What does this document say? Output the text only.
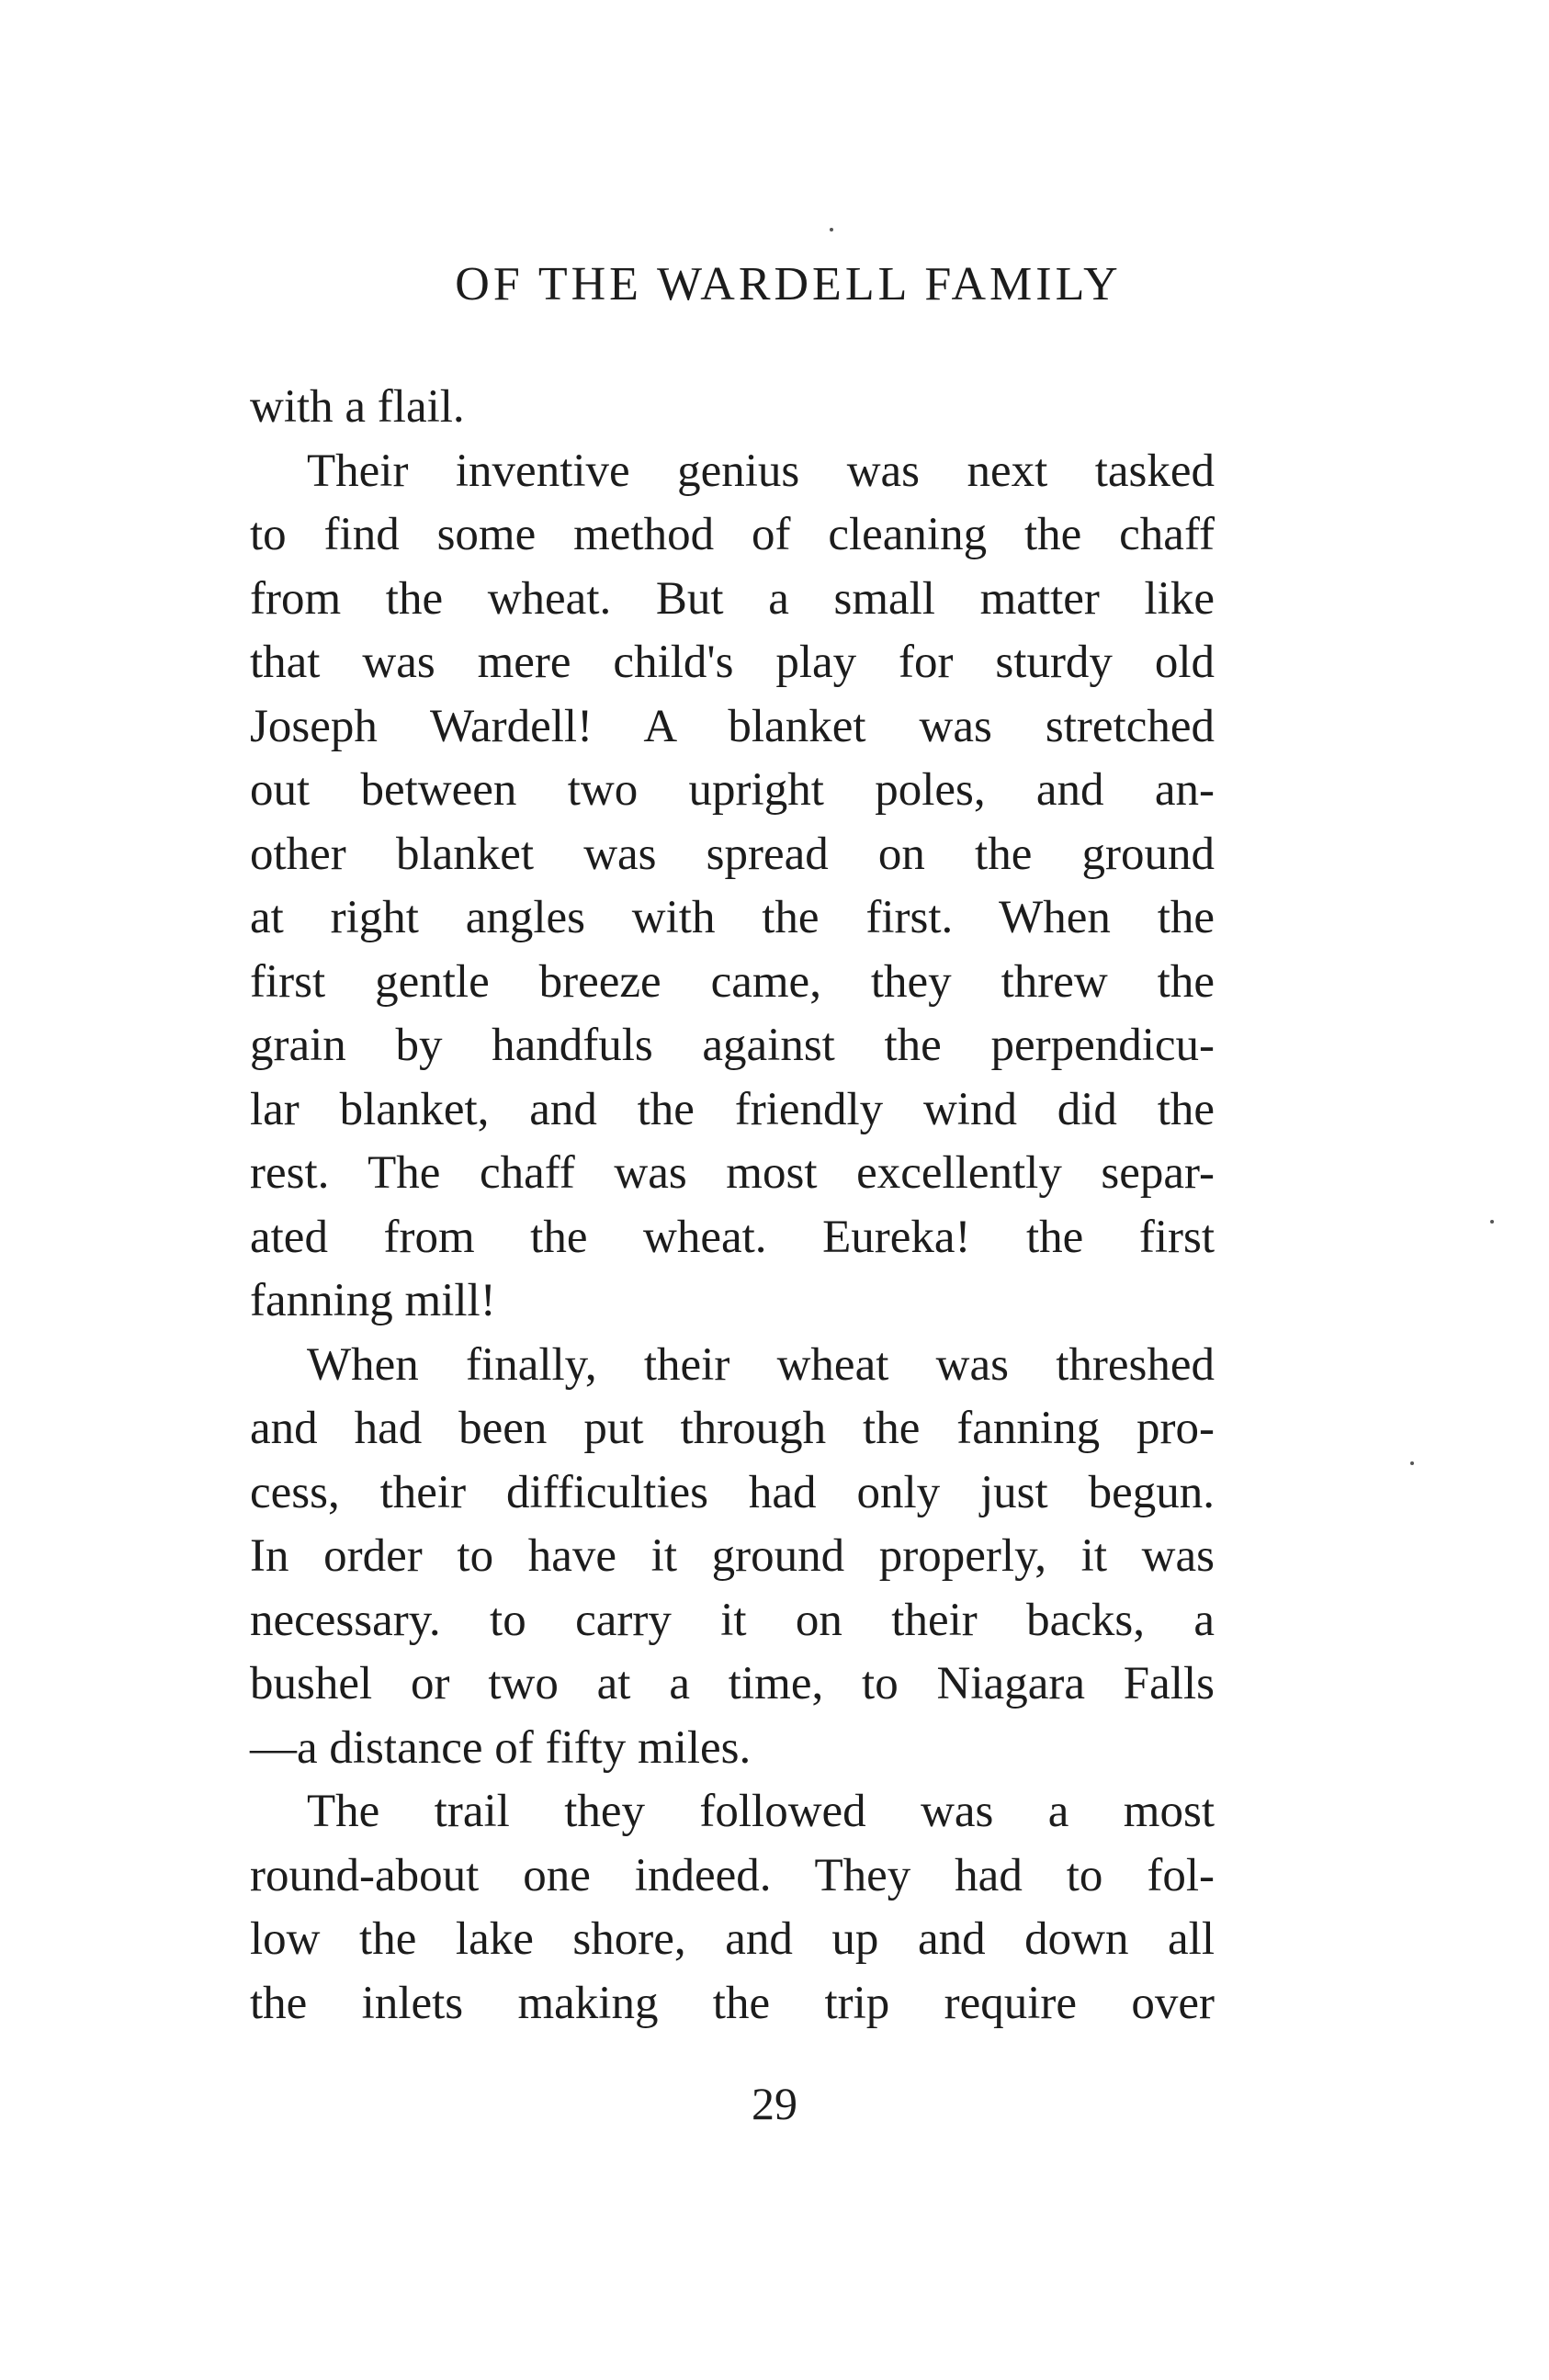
OF THE WARDELL FAMILY
with a flail.
Their inventive genius was next tasked
to find some method of cleaning the chaff
from the wheat. But a small matter like
that was mere child's play for sturdy old
Joseph Wardell! A blanket was stretched
out between two upright poles, and an-
other blanket was spread on the ground
at right angles with the first. When the
first gentle breeze came, they threw the
grain by handfuls against the perpendicu-
lar blanket, and the friendly wind did the
rest. The chaff was most excellently separ-
ated from the wheat. Eureka! the first
fanning mill!
When finally, their wheat was threshed
and had been put through the fanning pro-
cess, their difficulties had only just begun.
In order to have it ground properly, it was
necessary. to carry it on their backs, a
bushel or two at a time, to Niagara Falls
—a distance of fifty miles.
The trail they followed was a most
round-about one indeed. They had to fol-
low the lake shore, and up and down all
the inlets making the trip require over
29
